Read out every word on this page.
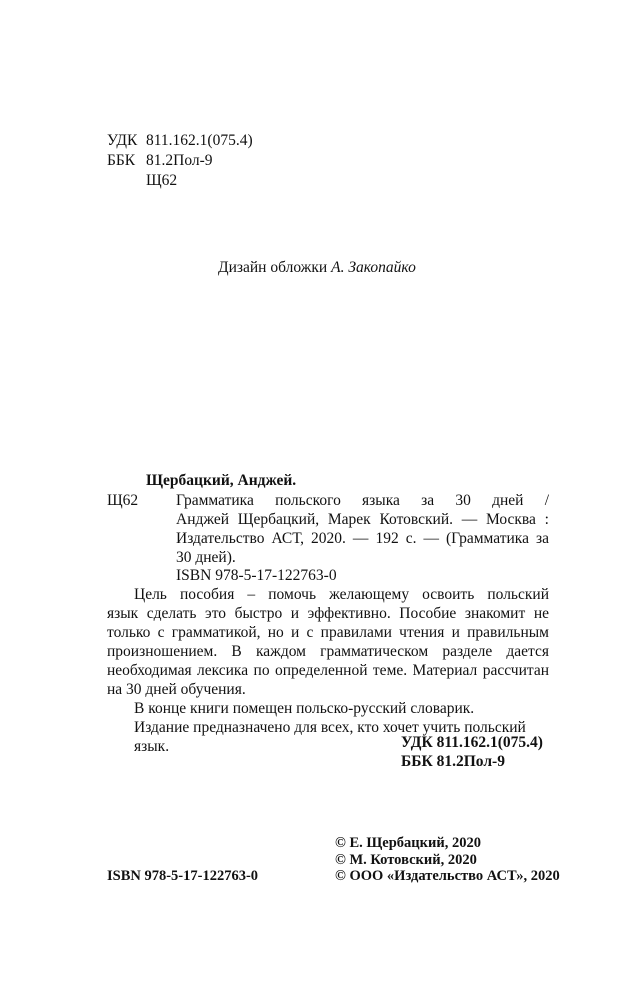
УДК 811.162.1(075.4)
ББК 81.2Пол-9
Щ62
Дизайн обложки А. Закопайко
Щербацкий, Анджей.
Щ62	Грамматика польского языка за 30 дней /
Анджей Щербацкий, Марек Котовский. — Москва :
Издательство АСТ, 2020. — 192 с. — (Грамматика за
30 дней).
ISBN 978-5-17-122763-0
Цель пособия – помочь желающему освоить польский
язык сделать это быстро и эффективно. Пособие знакомит не
только с грамматикой, но и с правилами чтения и правильным
произношением. В каждом грамматическом разделе дается
необходимая лексика по определенной теме. Материал рассчитан
на 30 дней обучения.
В конце книги помещен польско-русский словарик.
Издание предназначено для всех, кто хочет учить польский язык.	УДК 811.162.1(075.4)
ББК 81.2Пол-9
ISBN 978-5-17-122763-0
© Е. Щербацкий, 2020
© М. Котовский, 2020
© ООО «Издательство АСТ», 2020
